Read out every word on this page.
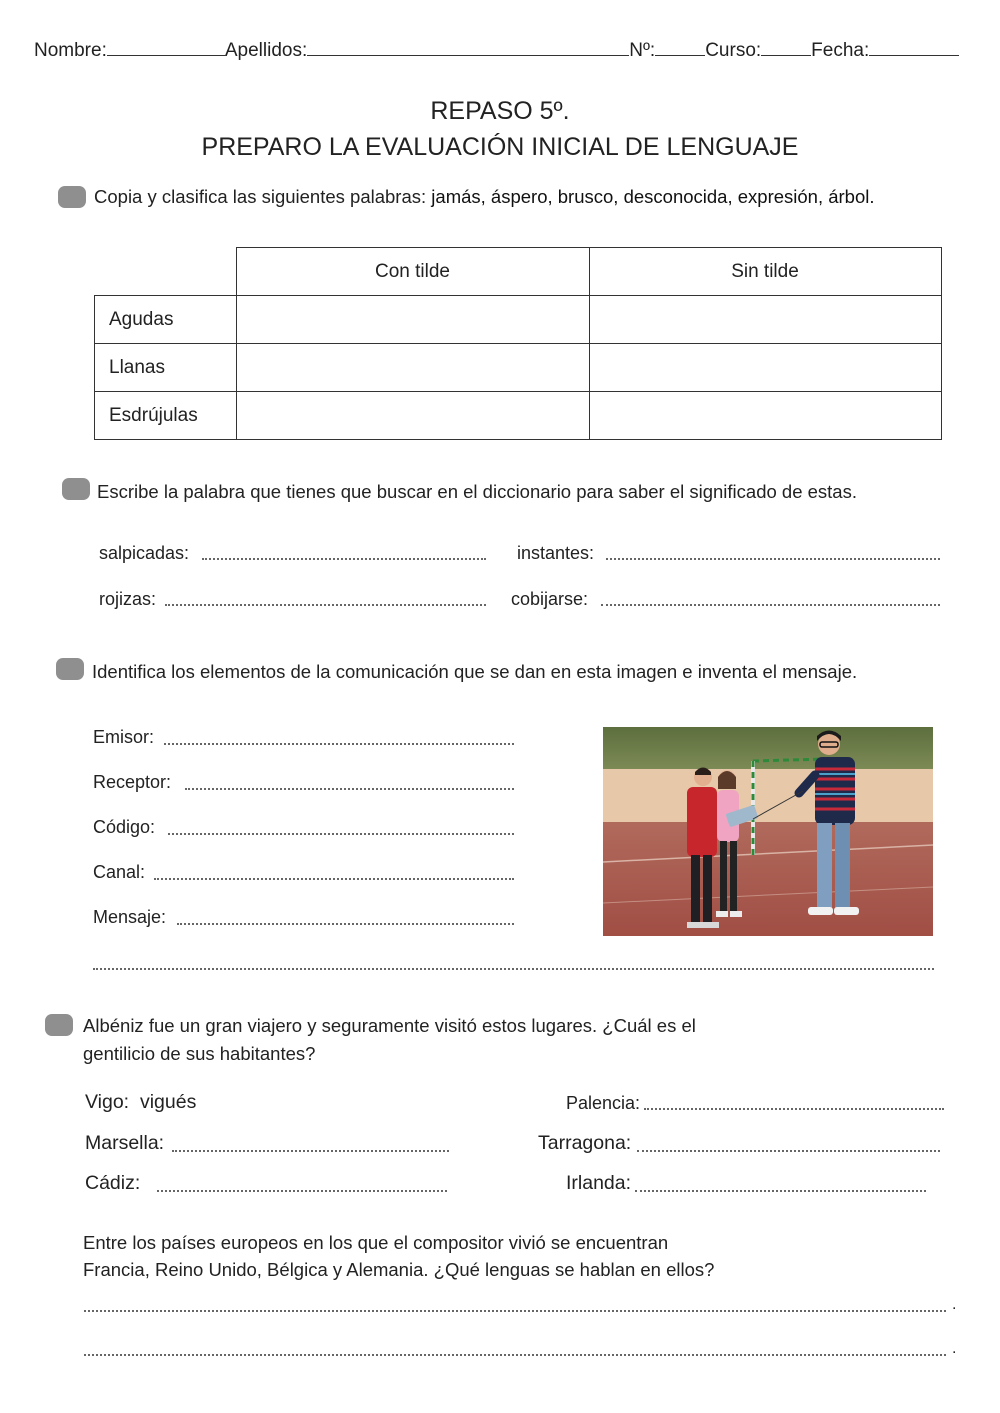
Nombre:	Apellidos:	Nº:	Curso:	Fecha:
REPASO 5º.
PREPARO LA EVALUACIÓN INICIAL DE LENGUAJE
Copia y clasifica las siguientes palabras: jamás, áspero, brusco, desconocida, expresión, árbol.
	Con tilde	Sin tilde
Agudas		
Llanas		
Esdrújulas		
Escribe la palabra que tienes que buscar en el diccionario para saber el significado de estas.
salpicadas:	instantes:
rojizas:	cobijarse:
Identifica los elementos de la comunicación que se dan en esta imagen e inventa el mensaje.
Emisor:
Receptor:
Código:
Canal:
Mensaje:
Albéniz fue un gran viajero y seguramente visitó estos lugares. ¿Cuál es el
gentilicio de sus habitantes?
Vigo: vigués	Palencia:
Marsella:	Tarragona:
Cádiz:	Irlanda:
Entre los países europeos en los que el compositor vivió se encuentran
Francia, Reino Unido, Bélgica y Alemania. ¿Qué lenguas se hablan en ellos?
.
.
